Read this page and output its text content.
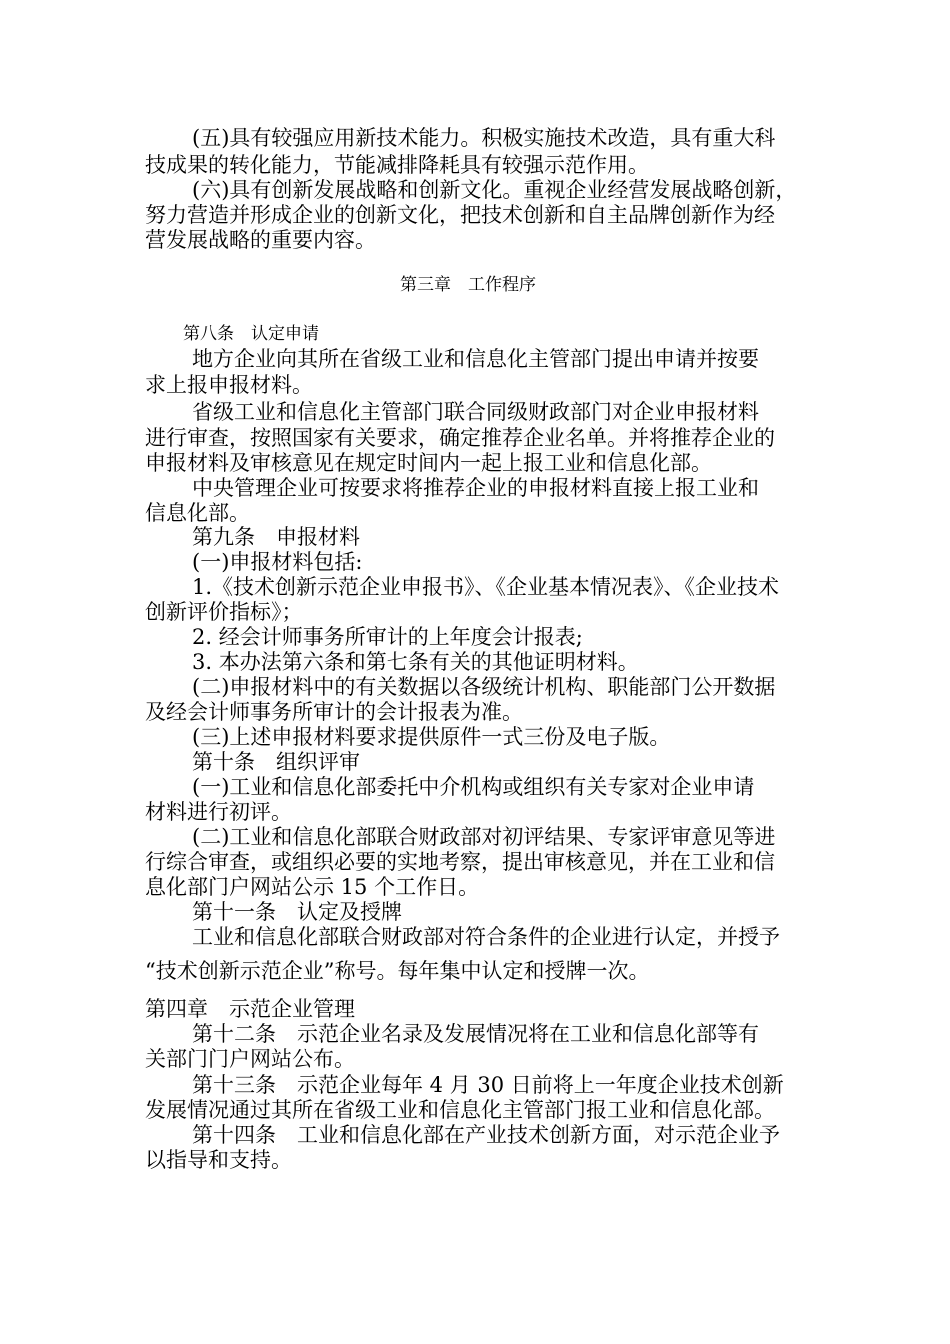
(五)具有较强应用新技术能力。积极实施技术改造，具有重大科
技成果的转化能力，节能减排降耗具有较强示范作用。
(六)具有创新发展战略和创新文化。重视企业经营发展战略创新，
努力营造并形成企业的创新文化，把技术创新和自主品牌创新作为经
营发展战略的重要内容。
第三章　工作程序
第八条　认定申请
地方企业向其所在省级工业和信息化主管部门提出申请并按要
求上报申报材料。
省级工业和信息化主管部门联合同级财政部门对企业申报材料
进行审查，按照国家有关要求，确定推荐企业名单。并将推荐企业的
申报材料及审核意见在规定时间内一起上报工业和信息化部。
中央管理企业可按要求将推荐企业的申报材料直接上报工业和
信息化部。
第九条　申报材料
(一)申报材料包括:
1.《技术创新示范企业申报书》、《企业基本情况表》、《企业技术
创新评价指标》；
2. 经会计师事务所审计的上年度会计报表;
3. 本办法第六条和第七条有关的其他证明材料。
(二)申报材料中的有关数据以各级统计机构、职能部门公开数据
及经会计师事务所审计的会计报表为准。
(三)上述申报材料要求提供原件一式三份及电子版。
第十条　组织评审
(一)工业和信息化部委托中介机构或组织有关专家对企业申请
材料进行初评。
(二)工业和信息化部联合财政部对初评结果、专家评审意见等进
行综合审查，或组织必要的实地考察，提出审核意见，并在工业和信
息化部门户网站公示 15 个工作日。
第十一条　认定及授牌
工业和信息化部联合财政部对符合条件的企业进行认定，并授予
“技术创新示范企业”称号。每年集中认定和授牌一次。
第四章　示范企业管理
第十二条　示范企业名录及发展情况将在工业和信息化部等有
关部门门户网站公布。
第十三条　示范企业每年 4 月 30 日前将上一年度企业技术创新
发展情况通过其所在省级工业和信息化主管部门报工业和信息化部。
第十四条　工业和信息化部在产业技术创新方面，对示范企业予
以指导和支持。
